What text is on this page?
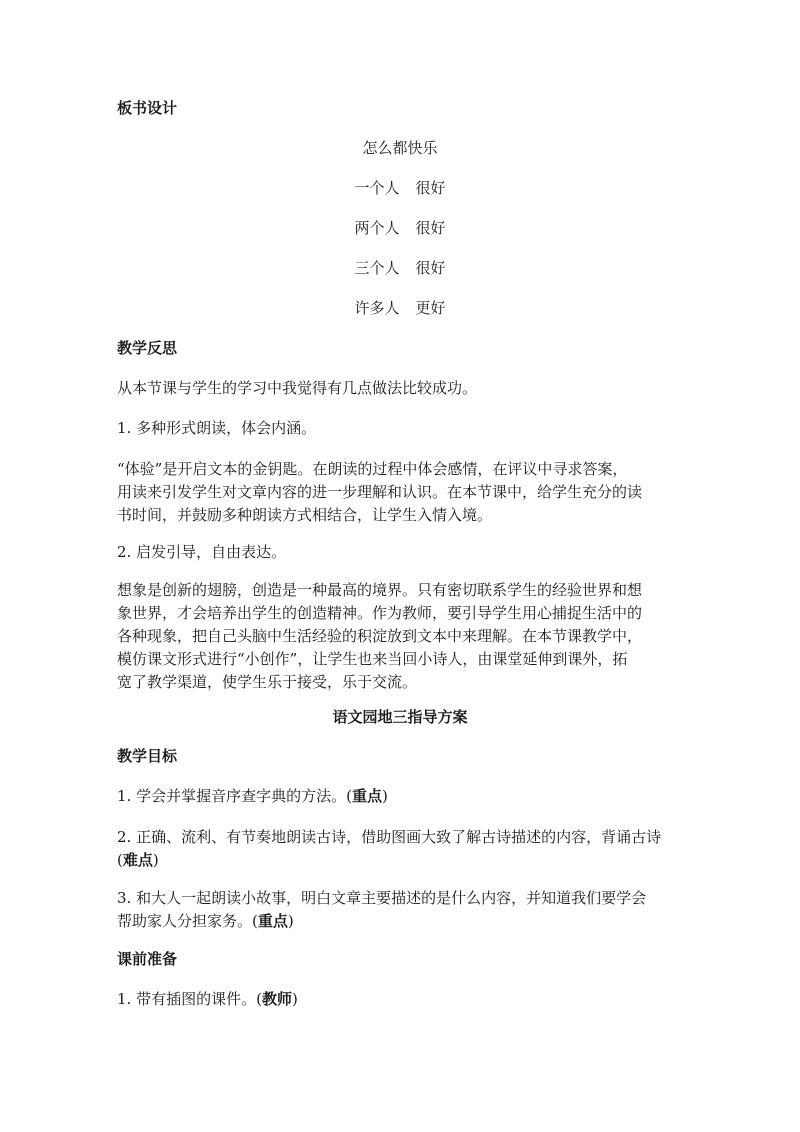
板书设计
怎么都快乐
一个人 很好
两个人 很好
三个人 很好
许多人 更好
教学反思
从本节课与学生的学习中我觉得有几点做法比较成功。
1. 多种形式朗读，体会内涵。
“体验”是开启文本的金钥匙。在朗读的过程中体会感情，在评议中寻求答案，
用读来引发学生对文章内容的进一步理解和认识。在本节课中，给学生充分的读
书时间，并鼓励多种朗读方式相结合，让学生入情入境。
2. 启发引导，自由表达。
想象是创新的翅膀，创造是一种最高的境界。只有密切联系学生的经验世界和想
象世界，才会培养出学生的创造精神。作为教师，要引导学生用心捕捉生活中的
各种现象，把自己头脑中生活经验的积淀放到文本中来理解。在本节课教学中，
模仿课文形式进行“小创作”，让学生也来当回小诗人，由课堂延伸到课外，拓
宽了教学渠道，使学生乐于接受，乐于交流。
语文园地三指导方案
教学目标
1. 学会并掌握音序查字典的方法。(重点)
2. 正确、流利、有节奏地朗读古诗，借助图画大致了解古诗描述的内容，背诵古诗
(难点)
3. 和大人一起朗读小故事，明白文章主要描述的是什么内容，并知道我们要学会
帮助家人分担家务。(重点)
课前准备
1. 带有插图的课件。(教师)
